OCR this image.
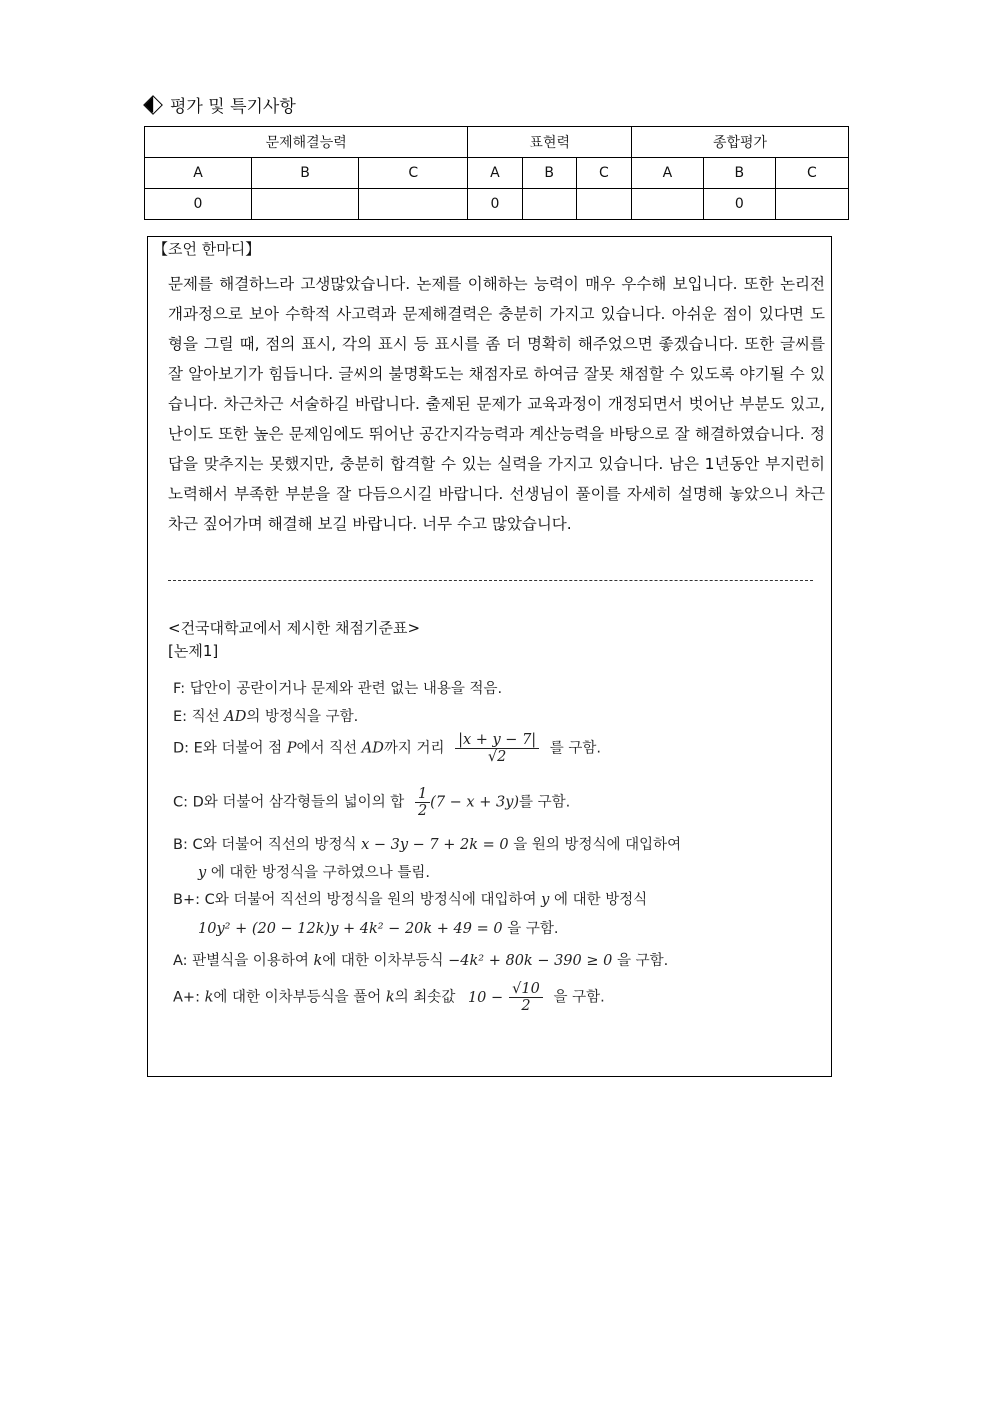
평가 및 특기사항
문제해결능력			표현력			종합평가		
A	B	C	A	B	C	A	B	C
0			0				0	
【조언 한마디】

문제를 해결하느라 고생많았습니다. 논제를 이해하는 능력이 매우 우수해 보입니다. 또한 논리전개과정으로 보아 수학적 사고력과 문제해결력은 충분히 가지고 있습니다. 아쉬운 점이 있다면 도형을 그릴 때, 점의 표시, 각의 표시 등 표시를 좀 더 명확히 해주었으면 좋겠습니다. 또한 글씨를 잘 알아보기가 힘듭니다. 글씨의 불명확도는 채점자로 하여금 잘못 채점할 수 있도록 야기될 수 있습니다. 차근차근 서술하길 바랍니다. 출제된 문제가 교육과정이 개정되면서 벗어난 부분도 있고, 난이도 또한 높은 문제임에도 뛰어난 공간지각능력과 계산능력을 바탕으로 잘 해결하였습니다. 정답을 맞추지는 못했지만, 충분히 합격할 수 있는 실력을 가지고 있습니다. 남은 1년동안 부지런히 노력해서 부족한 부분을 잘 다듬으시길 바랍니다. 선생님이 풀이를 자세히 설명해 놓았으니 차근차근 짚어가며 해결해 보길 바랍니다. 너무 수고 많았습니다.

<건국대학교에서 제시한 채점기준표>
[논제1]
F: 답안이 공란이거나 문제와 관련 없는 내용을 적음.
E: 직선 AD의 방정식을 구함.
D: E와 더불어 점 P에서 직선 AD까지 거리 $\frac{|x + y - 7|}{√2}$ 를 구함.
C: D와 더불어 삼각형들의 넓이의 합 $\frac{1}{2} (7 - x + 3y)$를 구함.
B: C와 더불어 직선의 방정식 x − 3y − 7 + 2k = 0 을 원의 방정식에 대입하여
y 에 대한 방정식을 구하였으나 틀림.
B+: C와 더불어 직선의 방정식을 원의 방정식에 대입하여 y 에 대한 방정식
10y² + (20 − 12k)y + 4k² − 20k + 49 = 0 을 구함.
A: 판별식을 이용하여 k에 대한 이차부등식 −4k² + 80k − 390 ≥ 0 을 구함.
A+: k에 대한 이차부등식을 풀어 k의 최솟값 $10 - \frac{√10}{2}$ 을 구함.
